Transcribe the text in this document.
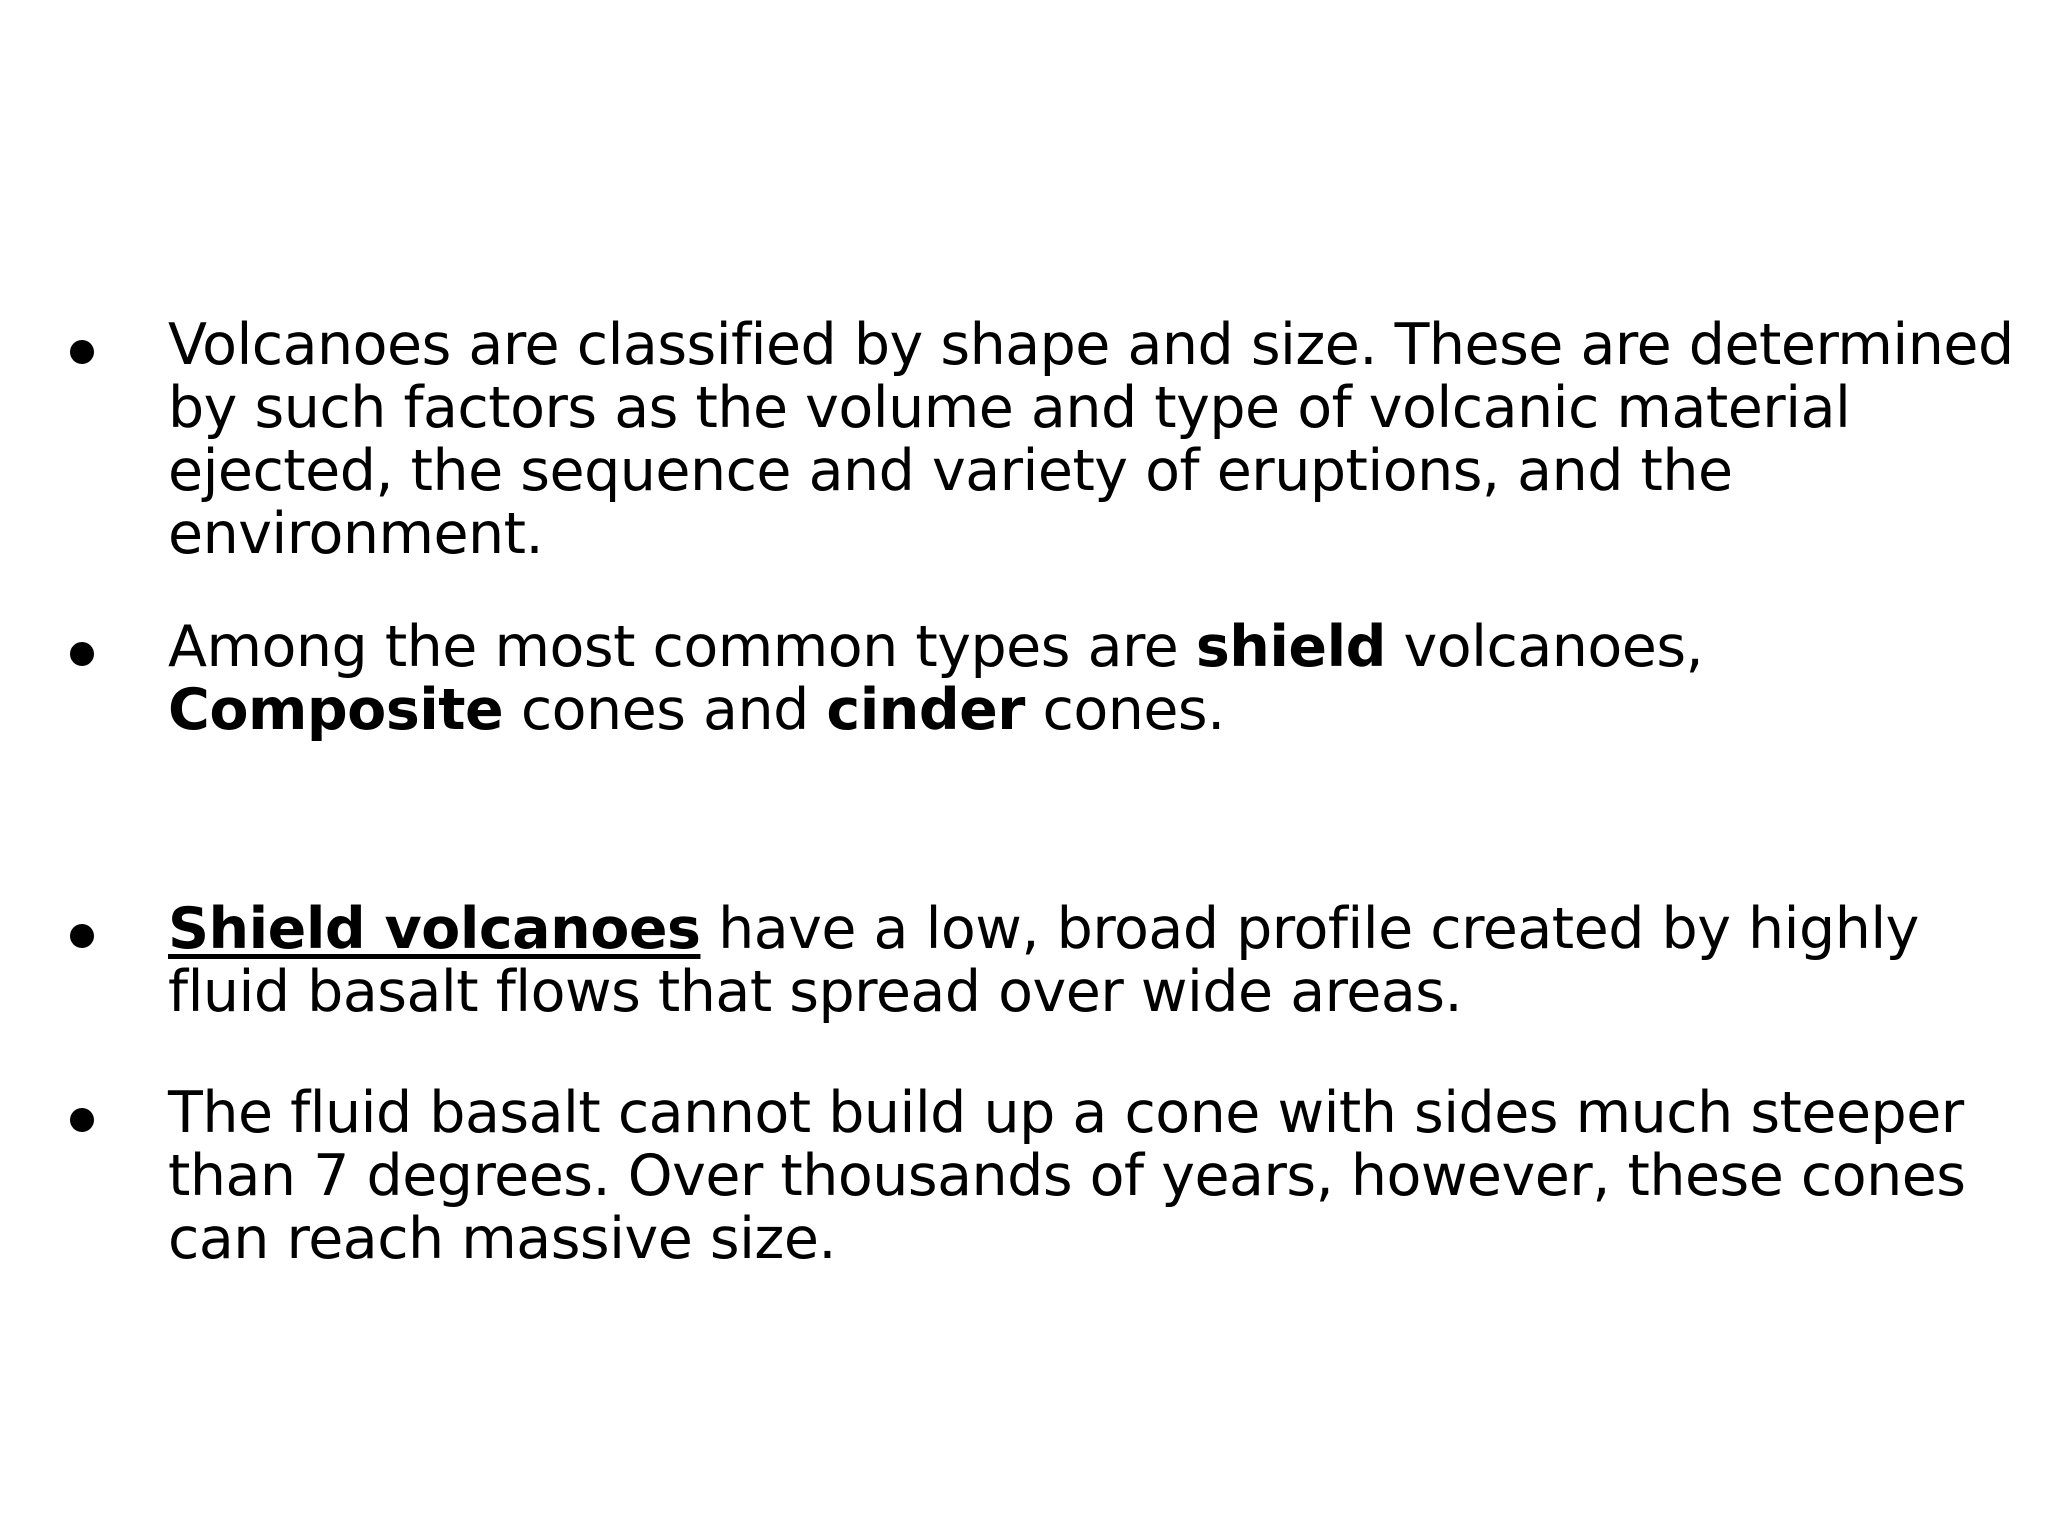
Volcanoes are classified by shape and size. These are determined
by such factors as the volume and type of volcanic material
ejected, the sequence and variety of eruptions, and the
environment.
Among the most common types are shield volcanoes,
Composite cones and cinder cones.
Shield volcanoes have a low, broad profile created by highly
fluid basalt flows that spread over wide areas.
The fluid basalt cannot build up a cone with sides much steeper
than 7 degrees. Over thousands of years, however, these cones
can reach massive size.
